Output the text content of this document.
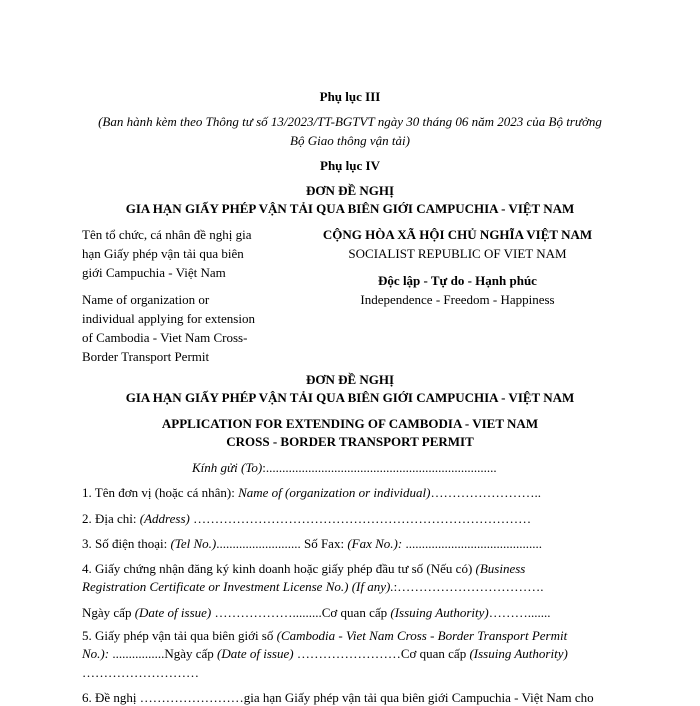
Phụ lục III
(Ban hành kèm theo Thông tư số 13/2023/TT-BGTVT ngày 30 tháng 06 năm 2023 của Bộ trưởng
Bộ Giao thông vận tải)
Phụ lục IV
ĐƠN ĐỀ NGHỊ
GIA HẠN GIẤY PHÉP VẬN TẢI QUA BIÊN GIỚI CAMPUCHIA - VIỆT NAM
Tên tổ chức, cá nhân đề nghị gia
hạn Giấy phép vận tải qua biên
giới Campuchia - Việt Nam
Name of organization or
individual applying for extension
of Cambodia - Viet Nam Cross-
Border Transport Permit
CỘNG HÒA XÃ HỘI CHỦ NGHĨA VIỆT NAM
SOCIALIST REPUBLIC OF VIET NAM
Độc lập - Tự do - Hạnh phúc
Independence - Freedom - Happiness
ĐƠN ĐỀ NGHỊ
GIA HẠN GIẤY PHÉP VẬN TẢI QUA BIÊN GIỚI CAMPUCHIA - VIỆT NAM
APPLICATION FOR EXTENDING OF CAMBODIA - VIET NAM
CROSS - BORDER TRANSPORT PERMIT
Kính gửi (To):.......................................................................
1. Tên đơn vị (hoặc cá nhân): Name of (organization or individual)……………………..
2. Địa chỉ: (Address) ……………………………………………………………………
3. Số điện thoại: (Tel No.).......................... Số Fax: (Fax No.): ..........................................
4. Giấy chứng nhận đăng ký kinh doanh hoặc giấy phép đầu tư số (Nếu có) (Business
Registration Certificate or Investment License No.) (If any).:…………………………….
Ngày cấp (Date of issue) ……………….........Cơ quan cấp (Issuing Authority)……….......
5. Giấy phép vận tải qua biên giới số (Cambodia - Viet Nam Cross - Border Transport Permit
No.): ................Ngày cấp (Date of issue) ……………………Cơ quan cấp (Issuing Authority)
………………………
6. Đề nghị ……………………gia hạn Giấy phép vận tải qua biên giới Campuchia - Việt Nam cho
